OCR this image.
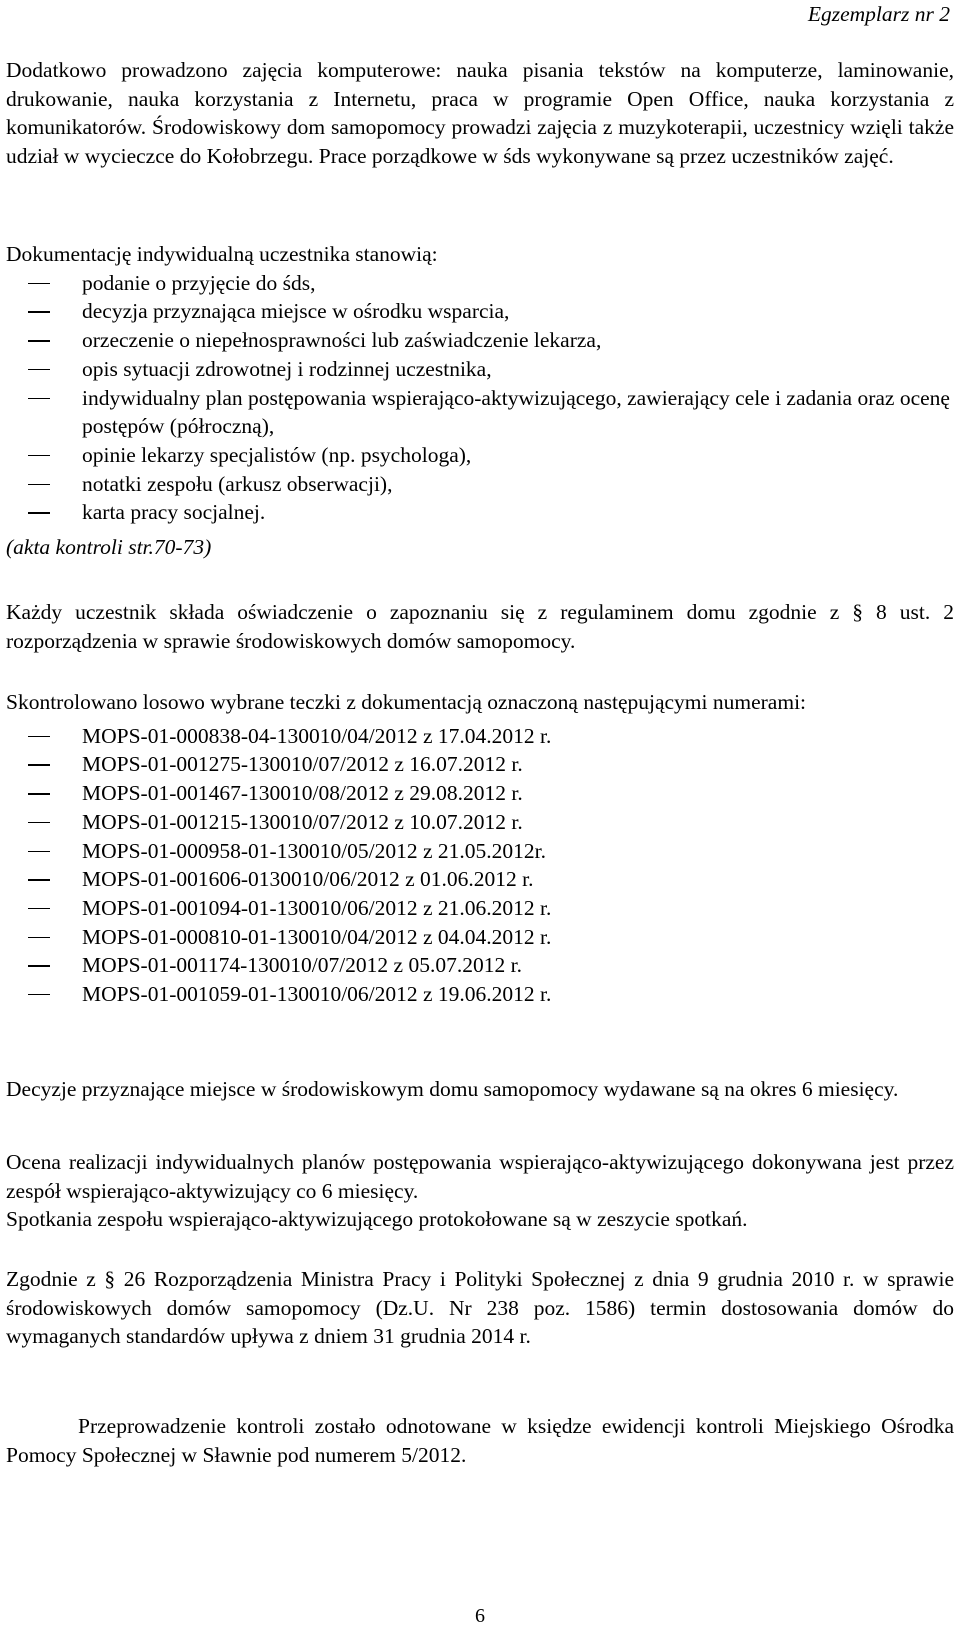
Egzemplarz nr 2

Dodatkowo prowadzono zajęcia komputerowe: nauka pisania tekstów na komputerze, laminowanie, drukowanie, nauka korzystania z Internetu, praca w programie Open Office, nauka korzystania z komunikatorów. Środowiskowy dom samopomocy prowadzi zajęcia z muzykoterapii, uczestnicy wzięli także udział w wycieczce do Kołobrzegu. Prace porządkowe w śds wykonywane są przez uczestników zajęć.

Dokumentację indywidualną uczestnika stanowią:

podanie o przyjęcie do śds,
decyzja przyznająca miejsce w ośrodku wsparcia,
orzeczenie o niepełnosprawności lub zaświadczenie lekarza,
opis sytuacji zdrowotnej i rodzinnej uczestnika,
indywidualny plan postępowania wspierająco-aktywizującego, zawierający cele i zadania oraz ocenę postępów (półroczną),
opinie lekarzy specjalistów (np. psychologa),
notatki zespołu (arkusz obserwacji),
karta pracy socjalnej.

(akta kontroli str.70-73)

Każdy uczestnik składa oświadczenie o zapoznaniu się z regulaminem domu zgodnie z § 8 ust. 2 rozporządzenia w sprawie środowiskowych domów samopomocy.

Skontrolowano losowo wybrane teczki z dokumentacją oznaczoną następującymi numerami:

MOPS-01-000838-04-130010/04/2012 z 17.04.2012 r.
MOPS-01-001275-130010/07/2012 z 16.07.2012 r.
MOPS-01-001467-130010/08/2012 z 29.08.2012 r.
MOPS-01-001215-130010/07/2012 z 10.07.2012 r.
MOPS-01-000958-01-130010/05/2012 z 21.05.2012r.
MOPS-01-001606-0130010/06/2012 z 01.06.2012 r.
MOPS-01-001094-01-130010/06/2012 z 21.06.2012 r.
MOPS-01-000810-01-130010/04/2012 z 04.04.2012 r.
MOPS-01-001174-130010/07/2012 z 05.07.2012 r.
MOPS-01-001059-01-130010/06/2012 z 19.06.2012 r.

Decyzje przyznające miejsce w środowiskowym domu samopomocy wydawane są na okres 6 miesięcy.

Ocena realizacji indywidualnych planów postępowania wspierająco-aktywizującego dokonywana jest przez zespół wspierająco-aktywizujący co 6 miesięcy.

Spotkania zespołu wspierająco-aktywizującego protokołowane są w zeszycie spotkań.

Zgodnie z § 26 Rozporządzenia Ministra Pracy i Polityki Społecznej z dnia 9 grudnia 2010 r. w sprawie środowiskowych domów samopomocy (Dz.U. Nr 238 poz. 1586) termin dostosowania domów do wymaganych standardów upływa z dniem 31 grudnia 2014 r.

Przeprowadzenie kontroli zostało odnotowane w księdze ewidencji kontroli Miejskiego Ośrodka Pomocy Społecznej w Sławnie pod numerem 5/2012.

6
